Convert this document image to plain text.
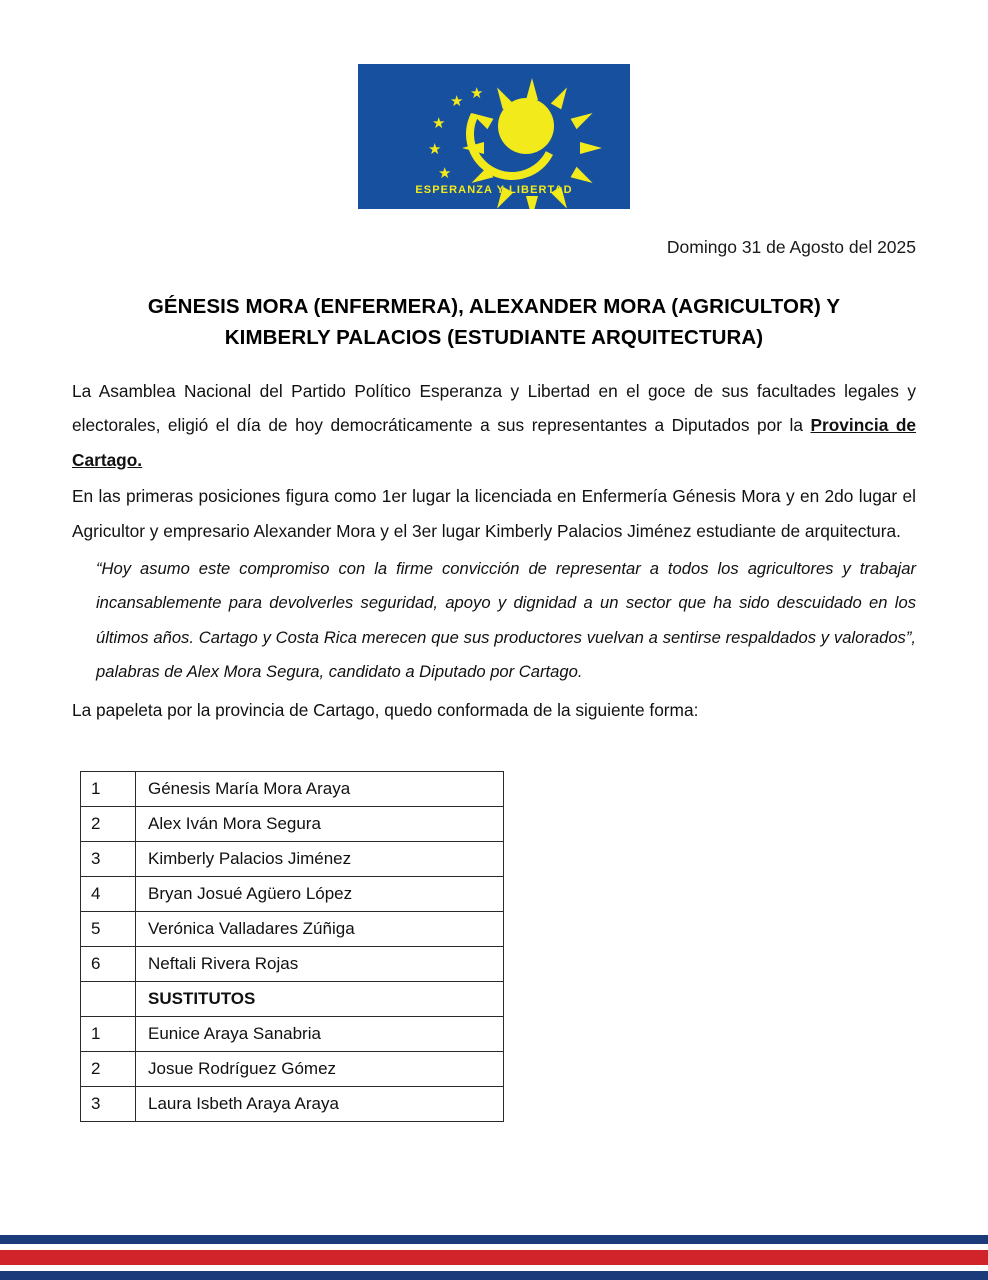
★
★
★
★
★
ESPERANZA Y LIBERTAD
Domingo 31 de Agosto del 2025
GÉNESIS MORA (ENFERMERA), ALEXANDER MORA (AGRICULTOR) Y KIMBERLY PALACIOS (ESTUDIANTE ARQUITECTURA)

La Asamblea Nacional del Partido Político Esperanza y Libertad en el goce de sus facultades legales y electorales, eligió el día de hoy democráticamente a sus representantes a Diputados por la Provincia de Cartago.

En las primeras posiciones figura como 1er lugar la licenciada en Enfermería Génesis Mora y en 2do lugar el Agricultor y empresario Alexander Mora y el 3er lugar Kimberly Palacios Jiménez estudiante de arquitectura.

“Hoy asumo este compromiso con la firme convicción de representar a todos los agricultores y trabajar incansablemente para devolverles seguridad, apoyo y dignidad a un sector que ha sido descuidado en los últimos años. Cartago y Costa Rica merecen que sus productores vuelvan a sentirse respaldados y valorados”, palabras de Alex Mora Segura, candidato a Diputado por Cartago.

La papeleta por la provincia de Cartago, quedo conformada de la siguiente forma:

1	Génesis María Mora Araya
2	Alex Iván Mora Segura
3	Kimberly Palacios Jiménez
4	Bryan Josué Agüero López
5	Verónica Valladares Zúñiga
6	Neftali Rivera Rojas
	SUSTITUTOS
1	Eunice Araya Sanabria
2	Josue Rodríguez Gómez
3	Laura Isbeth Araya Araya
